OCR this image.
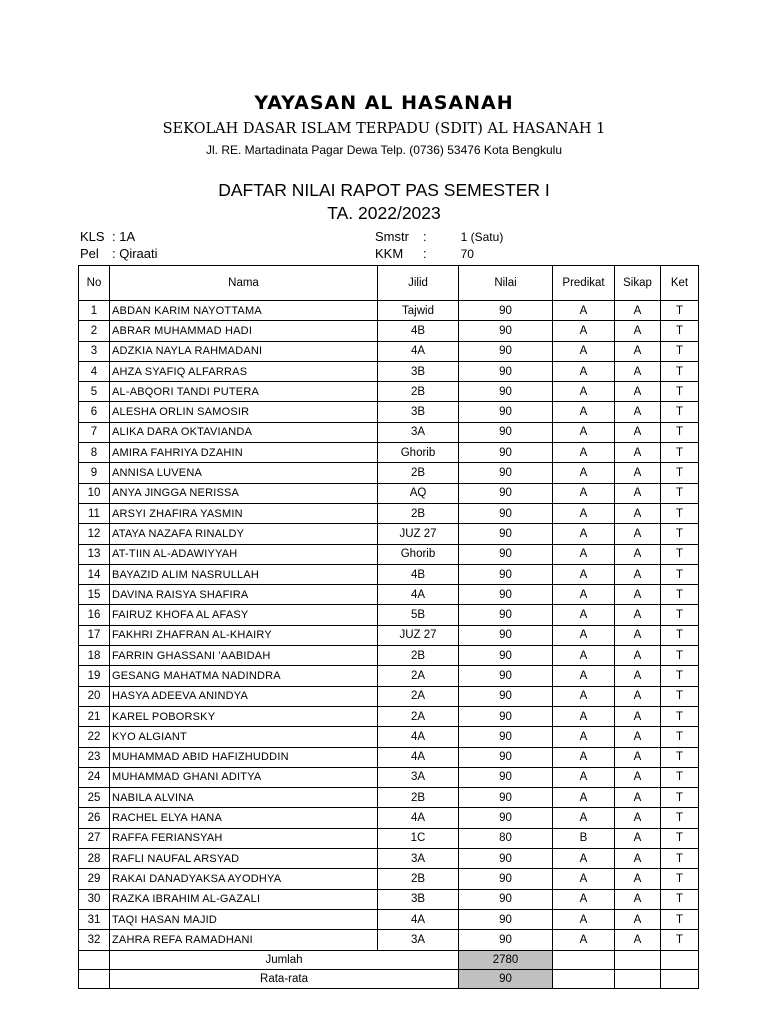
YAYASAN AL HASANAH
SEKOLAH DASAR ISLAM TERPADU (SDIT) AL HASANAH 1
Jl. RE. Martadinata Pagar Dewa Telp. (0736) 53476 Kota Bengkulu
DAFTAR NILAI RAPOT PAS SEMESTER I
TA. 2022/2023
KLS : 1A
Pel : Qiraati
Smstr :	1 (Satu)
KKM :	70
No	Nama	Jilid	Nilai	Predikat	Sikap	Ket
1	ABDAN KARIM NAYOTTAMA	Tajwid	90	A	A	T
2	ABRAR MUHAMMAD HADI	4B	90	A	A	T
3	ADZKIA NAYLA RAHMADANI	4A	90	A	A	T
4	AHZA SYAFIQ ALFARRAS	3B	90	A	A	T
5	AL-ABQORI TANDI PUTERA	2B	90	A	A	T
6	ALESHA ORLIN SAMOSIR	3B	90	A	A	T
7	ALIKA DARA OKTAVIANDA	3A	90	A	A	T
8	AMIRA FAHRIYA DZAHIN	Ghorib	90	A	A	T
9	ANNISA LUVENA	2B	90	A	A	T
10	ANYA JINGGA NERISSA	AQ	90	A	A	T
11	ARSYI ZHAFIRA YASMIN	2B	90	A	A	T
12	ATAYA NAZAFA RINALDY	JUZ 27	90	A	A	T
13	AT-TIIN AL-ADAWIYYAH	Ghorib	90	A	A	T
14	BAYAZID ALIM NASRULLAH	4B	90	A	A	T
15	DAVINA RAISYA SHAFIRA	4A	90	A	A	T
16	FAIRUZ KHOFA AL AFASY	5B	90	A	A	T
17	FAKHRI ZHAFRAN AL-KHAIRY	JUZ 27	90	A	A	T
18	FARRIN GHASSANI 'AABIDAH	2B	90	A	A	T
19	GESANG MAHATMA NADINDRA	2A	90	A	A	T
20	HASYA ADEEVA ANINDYA	2A	90	A	A	T
21	KAREL POBORSKY	2A	90	A	A	T
22	KYO ALGIANT	4A	90	A	A	T
23	MUHAMMAD ABID HAFIZHUDDIN	4A	90	A	A	T
24	MUHAMMAD GHANI ADITYA	3A	90	A	A	T
25	NABILA ALVINA	2B	90	A	A	T
26	RACHEL ELYA HANA	4A	90	A	A	T
27	RAFFA FERIANSYAH	1C	80	B	A	T
28	RAFLI NAUFAL ARSYAD	3A	90	A	A	T
29	RAKAI DANADYAKSA AYODHYA	2B	90	A	A	T
30	RAZKA IBRAHIM AL-GAZALI	3B	90	A	A	T
31	TAQI HASAN MAJID	4A	90	A	A	T
32	ZAHRA REFA RAMADHANI	3A	90	A	A	T
	Jumlah		2780			
	Rata-rata		90			
